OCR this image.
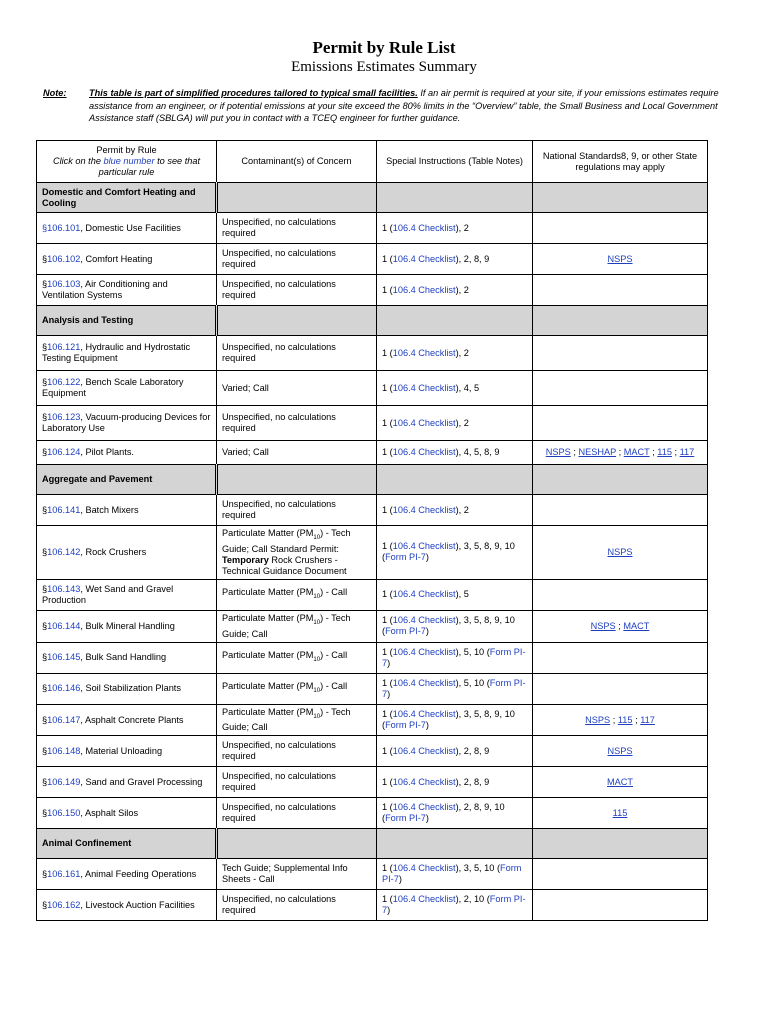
Permit by Rule List
Emissions Estimates Summary
Note: This table is part of simplified procedures tailored to typical small facilities. If an air permit is required at your site, if your emissions estimates require assistance from an engineer, or if potential emissions at your site exceed the 80% limits in the “Overview” table, the Small Business and Local Government Assistance staff (SBLGA) will put you in contact with a TCEQ engineer for further guidance.
Permit by Rule
Click on the blue number to see that particular rule	Contaminant(s) of Concern	Special Instructions (Table Notes)	National Standards8, 9, or other State regulations may apply
Domestic and Comfort Heating and Cooling			
§106.101, Domestic Use Facilities	Unspecified, no calculations required	1 (106.4 Checklist), 2	
§106.102, Comfort Heating	Unspecified, no calculations required	1 (106.4 Checklist), 2, 8, 9	NSPS
§106.103, Air Conditioning and Ventilation Systems	Unspecified, no calculations required	1 (106.4 Checklist), 2	
Analysis and Testing			
§106.121, Hydraulic and Hydrostatic Testing Equipment	Unspecified, no calculations required	1 (106.4 Checklist), 2	
§106.122, Bench Scale Laboratory Equipment	Varied; Call	1 (106.4 Checklist), 4, 5	
§106.123, Vacuum-producing Devices for Laboratory Use	Unspecified, no calculations required	1 (106.4 Checklist), 2	
§106.124, Pilot Plants.	Varied; Call	1 (106.4 Checklist), 4, 5, 8, 9	NSPS ; NESHAP ; MACT ; 115 ; 117
Aggregate and Pavement			
§106.141, Batch Mixers	Unspecified, no calculations required	1 (106.4 Checklist), 2	
§106.142, Rock Crushers	Particulate Matter $(PM_{10})$ - Tech Guide; Call Standard Permit: Temporary Rock Crushers - Technical Guidance Document	1 (106.4 Checklist), 3, 5, 8, 9, 10 (Form PI-7)	NSPS
§106.143, Wet Sand and Gravel Production	Particulate Matter $(PM_{10})$ - Call	1 (106.4 Checklist), 5	
§106.144, Bulk Mineral Handling	Particulate Matter $(PM_{10})$ - Tech Guide; Call	1 (106.4 Checklist), 3, 5, 8, 9, 10 (Form PI-7)	NSPS ; MACT
§106.145, Bulk Sand Handling	Particulate Matter $(PM_{10})$ - Call	1 (106.4 Checklist), 5, 10 (Form PI-7)	
§106.146, Soil Stabilization Plants	Particulate Matter $(PM_{10})$ - Call	1 (106.4 Checklist), 5, 10 (Form PI-7)	
§106.147, Asphalt Concrete Plants	Particulate Matter $(PM_{10})$ - Tech Guide; Call	1 (106.4 Checklist), 3, 5, 8, 9, 10 (Form PI-7)	NSPS ; 115 ; 117
§106.148, Material Unloading	Unspecified, no calculations required	1 (106.4 Checklist), 2, 8, 9	NSPS
§106.149, Sand and Gravel Processing	Unspecified, no calculations required	1 (106.4 Checklist), 2, 8, 9	MACT
§106.150, Asphalt Silos	Unspecified, no calculations required	1 (106.4 Checklist), 2, 8, 9, 10 (Form PI-7)	115
Animal Confinement			
§106.161, Animal Feeding Operations	Tech Guide; Supplemental Info Sheets - Call	1 (106.4 Checklist), 3, 5, 10 (Form PI-7)	
§106.162, Livestock Auction Facilities	Unspecified, no calculations required	1 (106.4 Checklist), 2, 10 (Form PI-7)	
